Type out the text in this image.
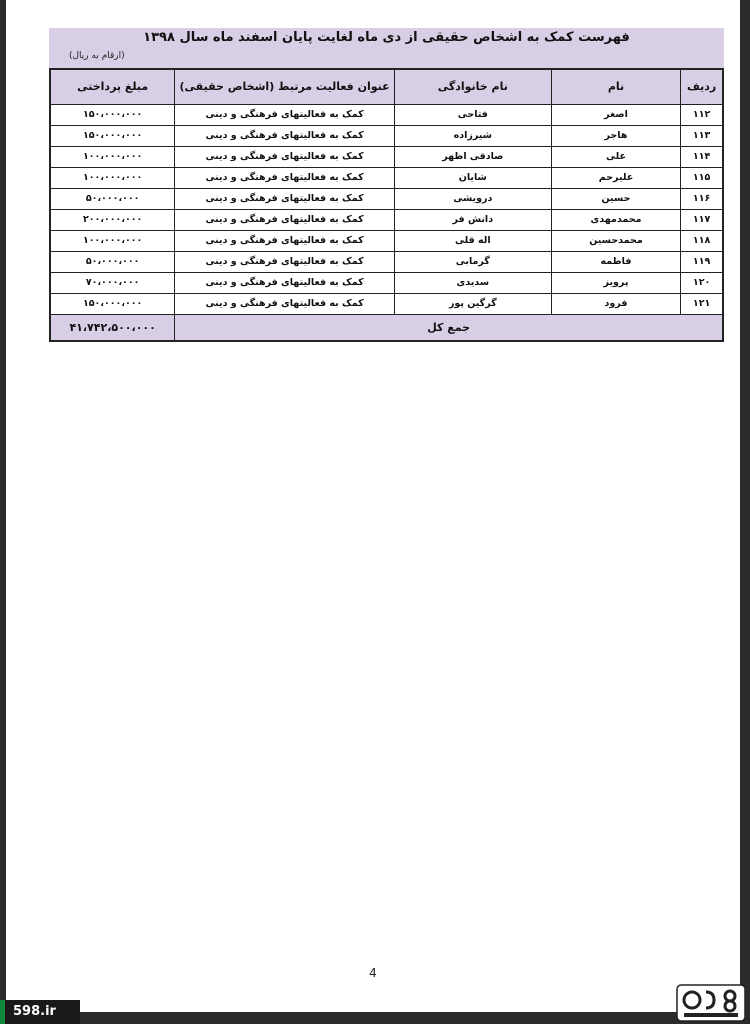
فهرست کمک به اشخاص حقیقی از دی ماه لغایت پایان اسفند ماه سال ۱۳۹۸
(ارقام به ریال)
ردیف	نام	نام خانوادگی	عنوان فعالیت مرتبط (اشخاص حقیقی)	مبلغ پرداختی
۱۱۲	اصغر	فتاحی	کمک به فعالیتهای فرهنگی و دینی	۱۵۰،۰۰۰،۰۰۰
۱۱۳	هاجر	شیرزاده	کمک به فعالیتهای فرهنگی و دینی	۱۵۰،۰۰۰،۰۰۰
۱۱۴	علی	صادقی اظهر	کمک به فعالیتهای فرهنگی و دینی	۱۰۰،۰۰۰،۰۰۰
۱۱۵	علیرحم	شایان	کمک به فعالیتهای فرهنگی و دینی	۱۰۰،۰۰۰،۰۰۰
۱۱۶	حسین	درویشی	کمک به فعالیتهای فرهنگی و دینی	۵۰،۰۰۰،۰۰۰
۱۱۷	محمدمهدی	دانش فر	کمک به فعالیتهای فرهنگی و دینی	۲۰۰،۰۰۰،۰۰۰
۱۱۸	محمدحسین	اله قلی	کمک به فعالیتهای فرهنگی و دینی	۱۰۰،۰۰۰،۰۰۰
۱۱۹	فاطمه	گرمابی	کمک به فعالیتهای فرهنگی و دینی	۵۰،۰۰۰،۰۰۰
۱۲۰	پرویز	سدیدی	کمک به فعالیتهای فرهنگی و دینی	۷۰،۰۰۰،۰۰۰
۱۲۱	فرود	گرگین پور	کمک به فعالیتهای فرهنگی و دینی	۱۵۰،۰۰۰،۰۰۰
جمع کل				۴۱،۷۴۲،۵۰۰،۰۰۰
4
598.ir
